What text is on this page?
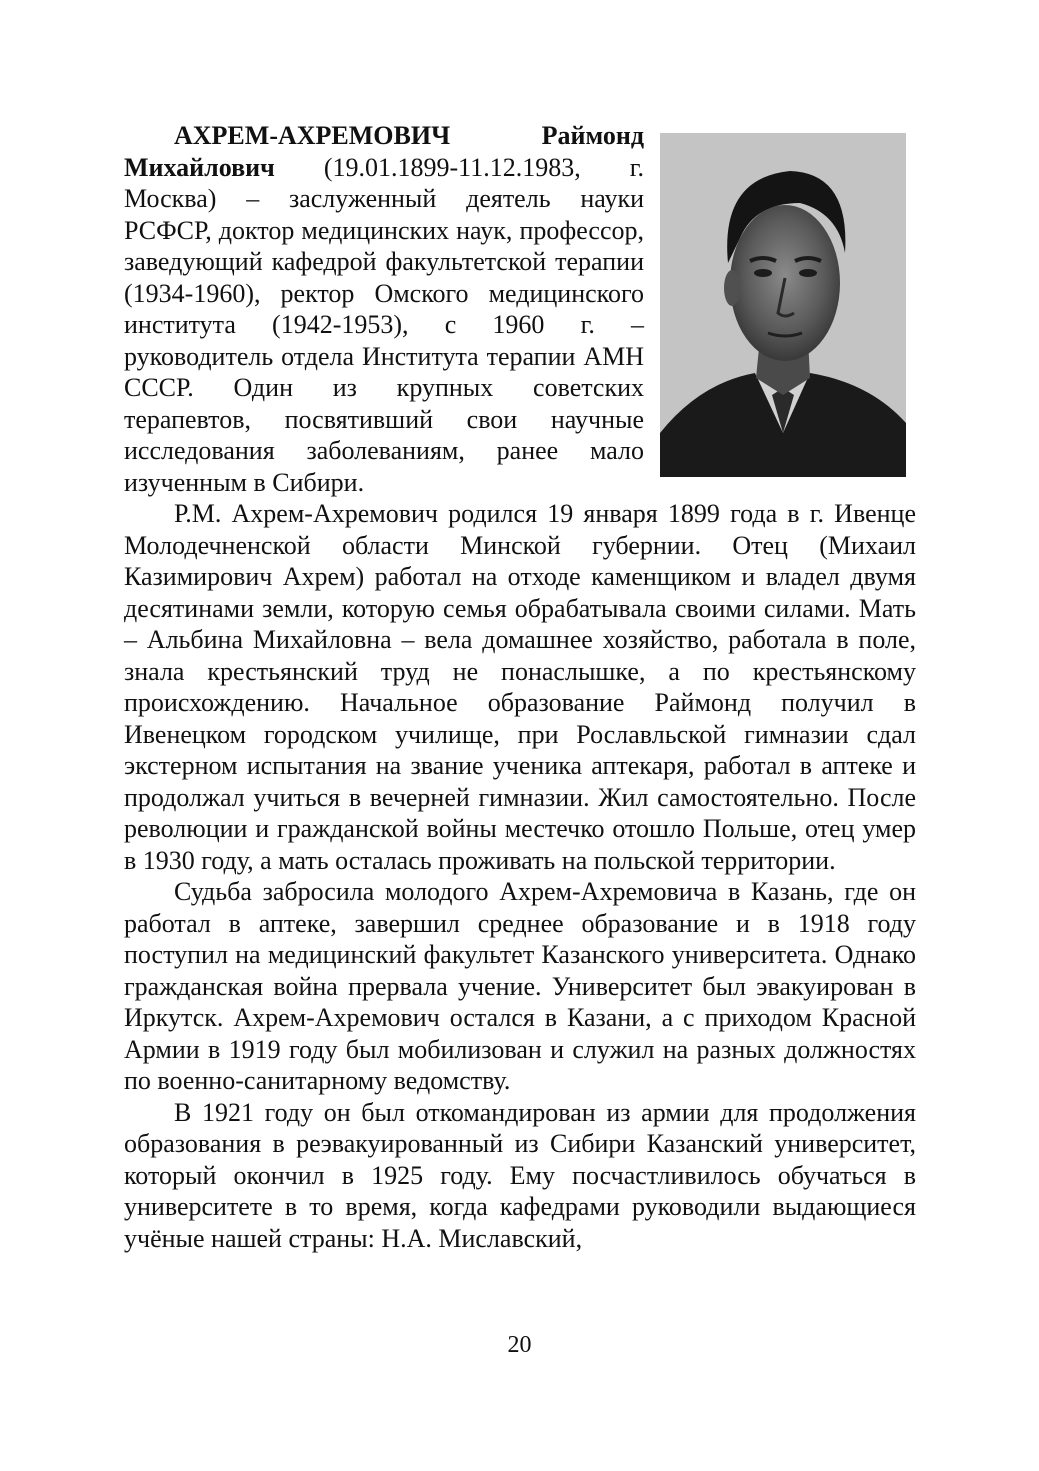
АХРЕМ-АХРЕМОВИЧ	Раймонд Михайлович (19.01.1899-11.12.1983, г. Москва) – заслуженный деятель науки РСФСР, доктор медицинских наук, профессор, заведующий кафедрой факультетской терапии (1934-1960), ректор Омского медицинского института (1942-1953), с 1960 г. – руководитель отдела Института терапии АМН СССР. Один из крупных советских терапевтов, посвятивший свои научные исследования заболеваниям, ранее мало изученным в Сибири.

Р.М. Ахрем-Ахремович родился 19 января 1899 года в г. Ивенце Молодечненской области Минской губернии. Отец (Михаил Казимирович Ахрем) работал на отходе каменщиком и владел двумя десятинами земли, которую семья обрабатывала своими силами. Мать – Альбина Михайловна – вела домашнее хозяйство, работала в поле, знала крестьянский труд не понаслышке, а по крестьянскому происхождению. Начальное образование Раймонд получил в Ивенецком городском училище, при Рославльской гимназии сдал экстерном испытания на звание ученика аптекаря, работал в аптеке и продолжал учиться в вечерней гимназии. Жил самостоятельно. После революции и гражданской войны местечко отошло Польше, отец умер в 1930 году, а мать осталась проживать на польской территории.

Судьба забросила молодого Ахрем-Ахремовича в Казань, где он работал в аптеке, завершил среднее образование и в 1918 году поступил на медицинский факультет Казанского университета. Однако гражданская война прервала учение. Университет был эвакуирован в Иркутск. Ахрем-Ахремович остался в Казани, а с приходом Красной Армии в 1919 году был мобилизован и служил на разных должностях по военно-санитарному ведомству.

В 1921 году он был откомандирован из армии для продолжения образования в реэвакуированный из Сибири Казанский университет, который окончил в 1925 году. Ему посчастливилось обучаться в университете в то время, когда кафедрами руководили выдающиеся учёные нашей страны: Н.А. Миславский,

20
